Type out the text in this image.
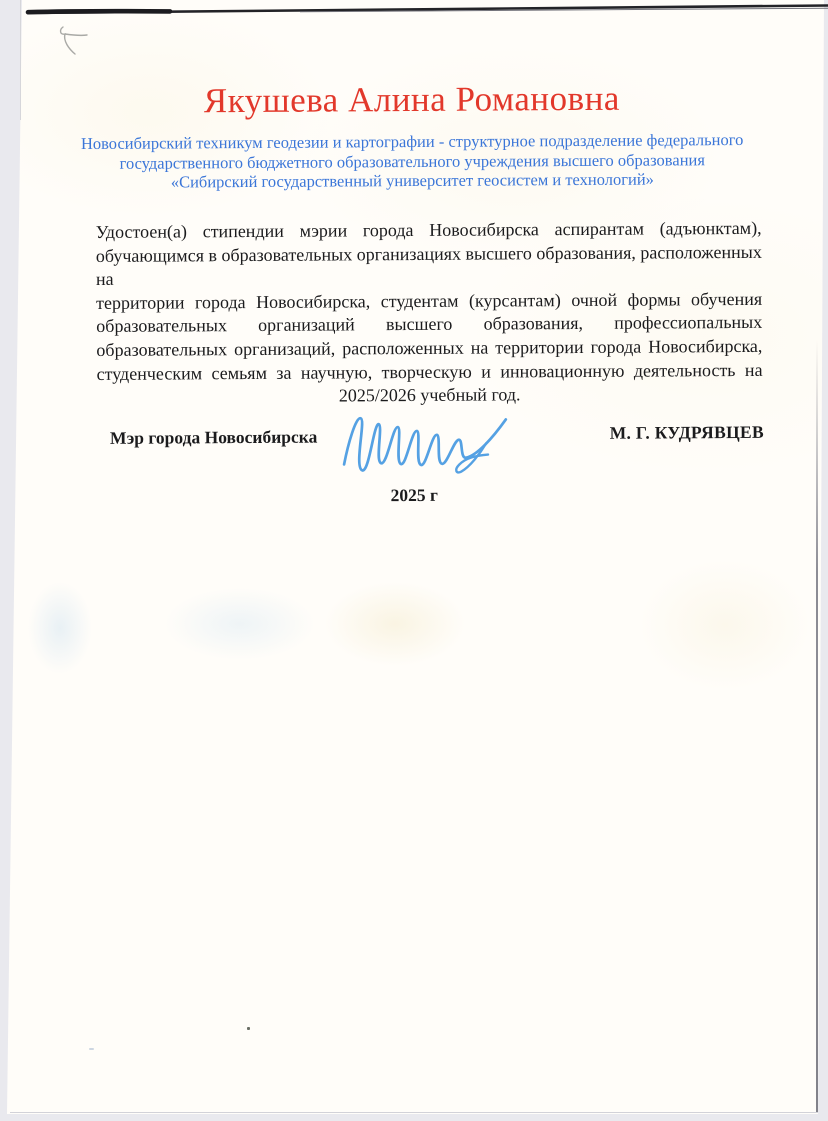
Якушева Алина Романовна
Новосибирский техникум геодезии и картографии - структурное подразделение федерального
государственного бюджетного образовательного учреждения высшего образования
«Сибирский государственный университет геосистем и технологий»
Удостоен(а) стипендии мэрии города Новосибирска аспирантам (адъюнктам),
обучающимся в образовательных организациях высшего образования, расположенных на
территории города Новосибирска, студентам (курсантам) очной формы обучения
образовательных организаций высшего образования, профессиопальных
образовательных организаций, расположенных на территории города Новосибирска,
студенческим семьям за научную, творческую и инновационную деятельность на
2025/2026 учебный год.
Мэр города Новосибирска	М. Г. КУДРЯВЦЕВ
2025 г
